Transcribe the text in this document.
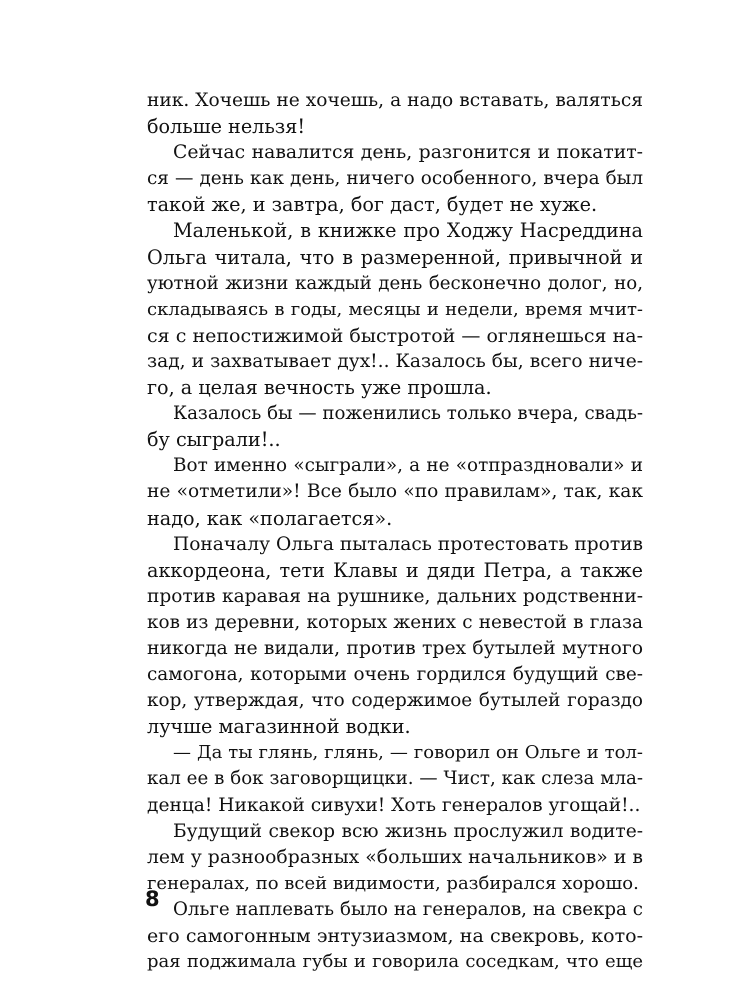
ник. Хочешь не хочешь, а надо вставать, валяться
больше нельзя!
Сейчас навалится день, разгонится и покатит-
ся — день как день, ничего особенного, вчера был
такой же, и завтра, бог даст, будет не хуже.
Маленькой, в книжке про Ходжу Насреддина
Ольга читала, что в размеренной, привычной и
уютной жизни каждый день бесконечно долог, но,
складываясь в годы, месяцы и недели, время мчит-
ся с непостижимой быстротой — оглянешься на-
зад, и захватывает дух!.. Казалось бы, всего ниче-
го, а целая вечность уже прошла.
Казалось бы — поженились только вчера, свадь-
бу сыграли!..
Вот именно «сыграли», а не «отпраздновали» и
не «отметили»! Все было «по правилам», так, как
надо, как «полагается».
Поначалу Ольга пыталась протестовать против
аккордеона, тети Клавы и дяди Петра, а также
против каравая на рушнике, дальних родственни-
ков из деревни, которых жених с невестой в глаза
никогда не видали, против трех бутылей мутного
самогона, которыми очень гордился будущий све-
кор, утверждая, что содержимое бутылей гораздо
лучше магазинной водки.
— Да ты глянь, глянь, — говорил он Ольге и тол-
кал ее в бок заговорщицки. — Чист, как слеза мла-
денца! Никакой сивухи! Хоть генералов угощай!..
Будущий свекор всю жизнь прослужил водите-
лем у разнообразных «больших начальников» и в
генералах, по всей видимости, разбирался хорошо.
Ольге наплевать было на генералов, на свекра с
его самогонным энтузиазмом, на свекровь, кото-
рая поджимала губы и говорила соседкам, что еще
8
